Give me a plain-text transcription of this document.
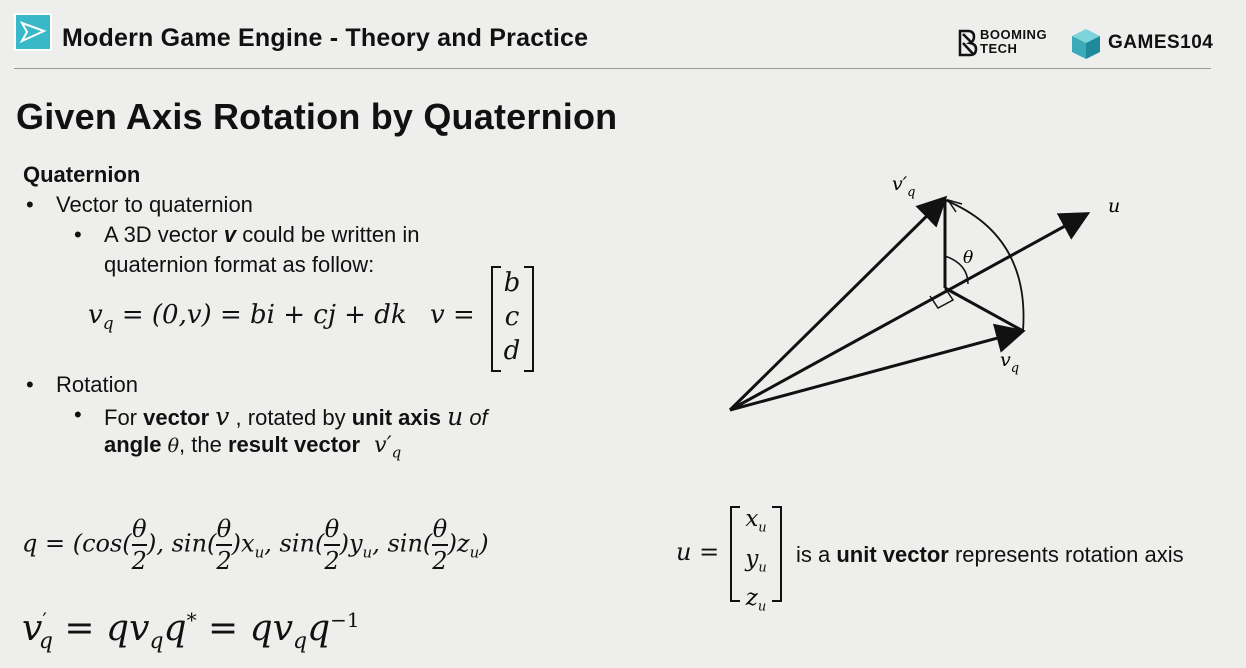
Modern Game Engine - Theory and Practice	BOOMING
TECH	GAMES104
Given Axis Rotation by Quaternion
Quaternion
• Vector to quaternion
• A 3D vector v could be written in
quaternion format as follow:
$v_q = (0,v)$ = bi + cj + dk v =
b
c
d
• Rotation
• For vector v , rotated by unit axis u of
angle θ, the result vector $v'_q$
$q = (\cos( \frac{\theta}{2}$ ), $\sin( \frac{\theta}{2} )x_u$, $\sin( \frac{\theta}{2} )y_u$, $\sin( \frac{\theta}{2} )z_u$)	u =
$x_u$
$y_u$
$z_u$
is a unit vector represents rotation axis
$v'_q = qv_qq^* = qv_qq^{-1}$
$v'_q$
u
θ
$v_q$
